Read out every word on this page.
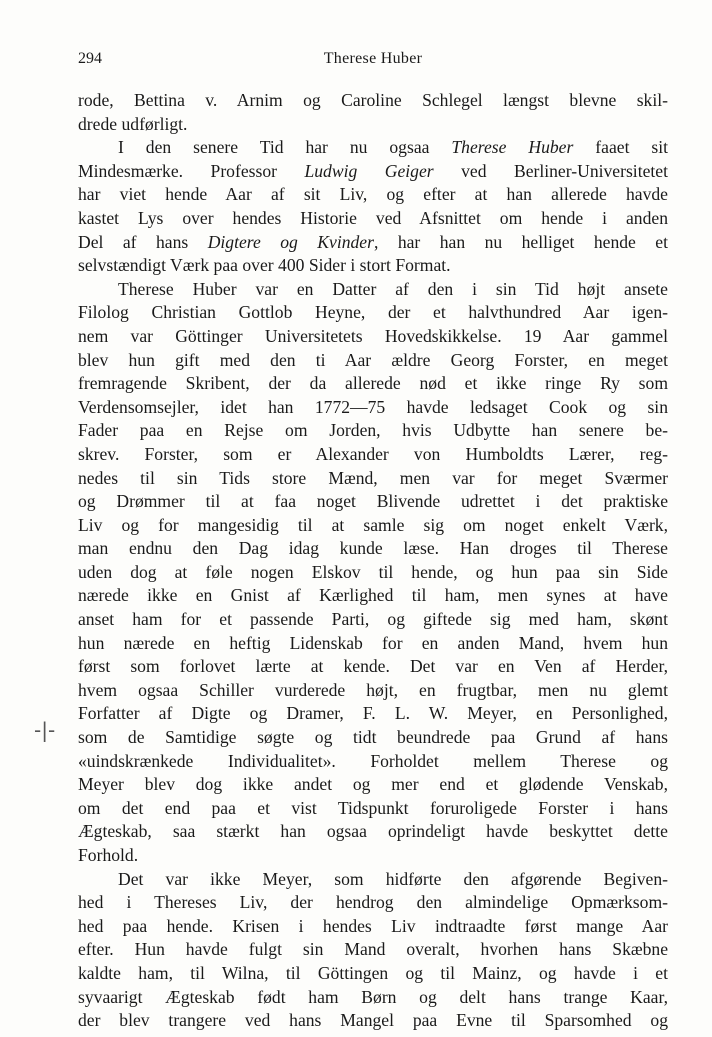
294	Therese Huber
-|-
rode, Bettina v. Arnim og Caroline Schlegel længst blevne skil-
drede udførligt.
I den senere Tid har nu ogsaa Therese Huber faaet sit
Mindesmærke. Professor Ludwig Geiger ved Berliner-Universitetet
har viet hende Aar af sit Liv, og efter at han allerede havde
kastet Lys over hendes Historie ved Afsnittet om hende i anden
Del af hans Digtere og Kvinder, har han nu helliget hende et
selvstændigt Værk paa over 400 Sider i stort Format.
Therese Huber var en Datter af den i sin Tid højt ansete
Filolog Christian Gottlob Heyne, der et halvthundred Aar igen-
nem var Göttinger Universitetets Hovedskikkelse. 19 Aar gammel
blev hun gift med den ti Aar ældre Georg Forster, en meget
fremragende Skribent, der da allerede nød et ikke ringe Ry som
Verdensomsejler, idet han 1772—75 havde ledsaget Cook og sin
Fader paa en Rejse om Jorden, hvis Udbytte han senere be-
skrev. Forster, som er Alexander von Humboldts Lærer, reg-
nedes til sin Tids store Mænd, men var for meget Sværmer
og Drømmer til at faa noget Blivende udrettet i det praktiske
Liv og for mangesidig til at samle sig om noget enkelt Værk,
man endnu den Dag idag kunde læse. Han droges til Therese
uden dog at føle nogen Elskov til hende, og hun paa sin Side
nærede ikke en Gnist af Kærlighed til ham, men synes at have
anset ham for et passende Parti, og giftede sig med ham, skønt
hun nærede en heftig Lidenskab for en anden Mand, hvem hun
først som forlovet lærte at kende. Det var en Ven af Herder,
hvem ogsaa Schiller vurderede højt, en frugtbar, men nu glemt
Forfatter af Digte og Dramer, F. L. W. Meyer, en Personlighed,
som de Samtidige søgte og tidt beundrede paa Grund af hans
«uindskrænkede Individualitet». Forholdet mellem Therese og
Meyer blev dog ikke andet og mer end et glødende Venskab,
om det end paa et vist Tidspunkt foruroligede Forster i hans
Ægteskab, saa stærkt han ogsaa oprindeligt havde beskyttet dette
Forhold.
Det var ikke Meyer, som hidførte den afgørende Begiven-
hed i Thereses Liv, der hendrog den almindelige Opmærksom-
hed paa hende. Krisen i hendes Liv indtraadte først mange Aar
efter. Hun havde fulgt sin Mand overalt, hvorhen hans Skæbne
kaldte ham, til Wilna, til Göttingen og til Mainz, og havde i et
syvaarigt Ægteskab født ham Børn og delt hans trange Kaar,
der blev trangere ved hans Mangel paa Evne til Sparsomhed og
